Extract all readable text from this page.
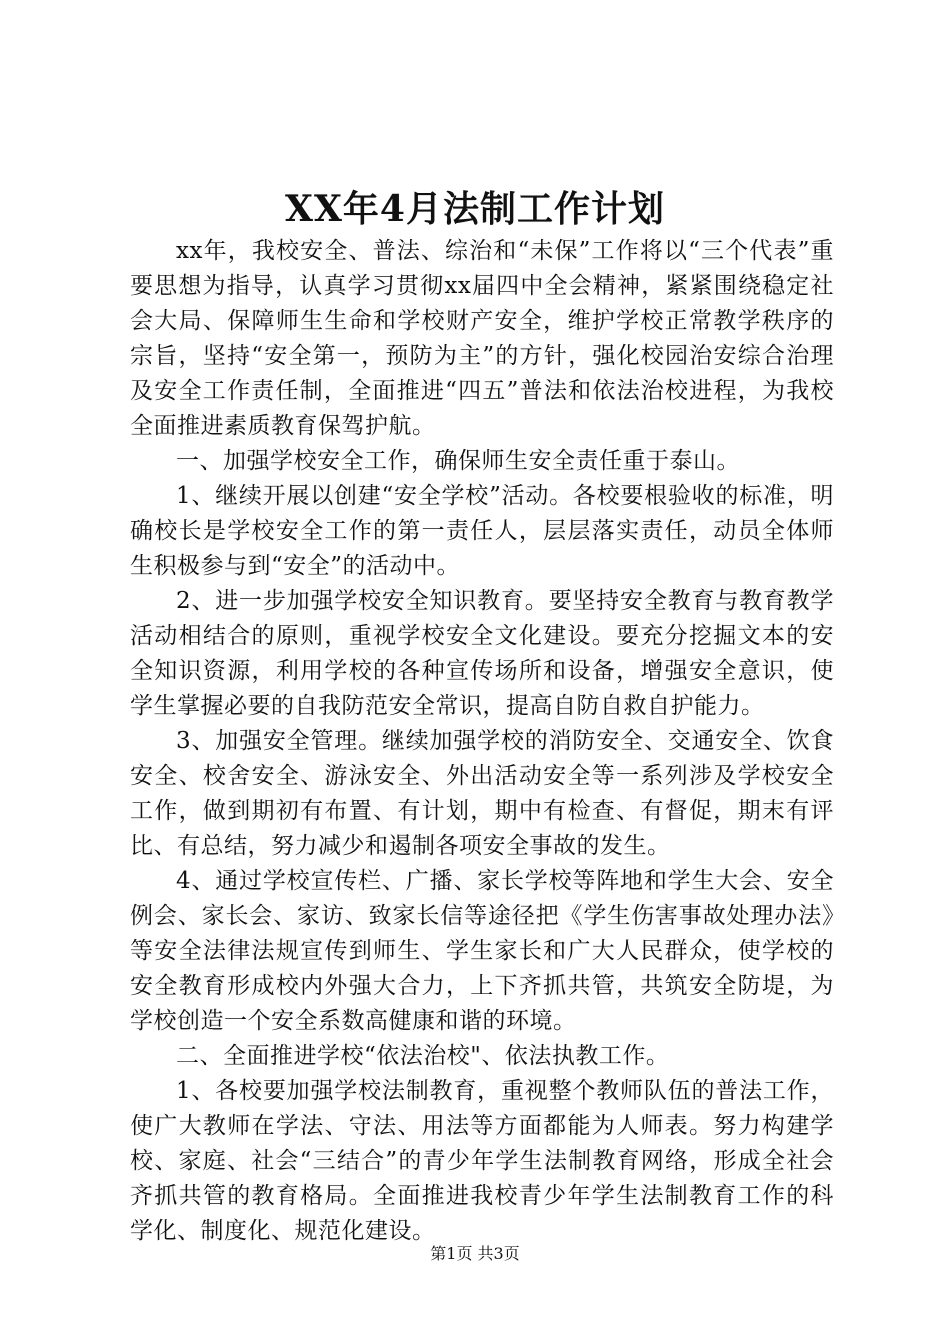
XX年4月法制工作计划

xx年，我校安全、普法、综治和“未保”工作将以“三个代表”重要思想为指导，认真学习贯彻xx届四中全会精神，紧紧围绕稳定社会大局、保障师生生命和学校财产安全，维护学校正常教学秩序的宗旨，坚持“安全第一，预防为主”的方针，强化校园治安综合治理及安全工作责任制，全面推进“四五”普法和依法治校进程，为我校全面推进素质教育保驾护航。

一、加强学校安全工作，确保师生安全责任重于泰山。

1、继续开展以创建“安全学校”活动。各校要根验收的标准，明确校长是学校安全工作的第一责任人，层层落实责任，动员全体师生积极参与到“安全”的活动中。

2、进一步加强学校安全知识教育。要坚持安全教育与教育教学活动相结合的原则，重视学校安全文化建设。要充分挖掘文本的安全知识资源，利用学校的各种宣传场所和设备，增强安全意识，使学生掌握必要的自我防范安全常识，提高自防自救自护能力。

3、加强安全管理。继续加强学校的消防安全、交通安全、饮食安全、校舍安全、游泳安全、外出活动安全等一系列涉及学校安全工作，做到期初有布置、有计划，期中有检查、有督促，期末有评比、有总结，努力减少和遏制各项安全事故的发生。

4、通过学校宣传栏、广播、家长学校等阵地和学生大会、安全例会、家长会、家访、致家长信等途径把《学生伤害事故处理办法》等安全法律法规宣传到师生、学生家长和广大人民群众，使学校的安全教育形成校内外强大合力，上下齐抓共管，共筑安全防堤，为学校创造一个安全系数高健康和谐的环境。

二、全面推进学校“依法治校"、依法执教工作。

1、各校要加强学校法制教育，重视整个教师队伍的普法工作，使广大教师在学法、守法、用法等方面都能为人师表。努力构建学校、家庭、社会“三结合”的青少年学生法制教育网络，形成全社会齐抓共管的教育格局。全面推进我校青少年学生法制教育工作的科学化、制度化、规范化建设。

第1页 共3页
